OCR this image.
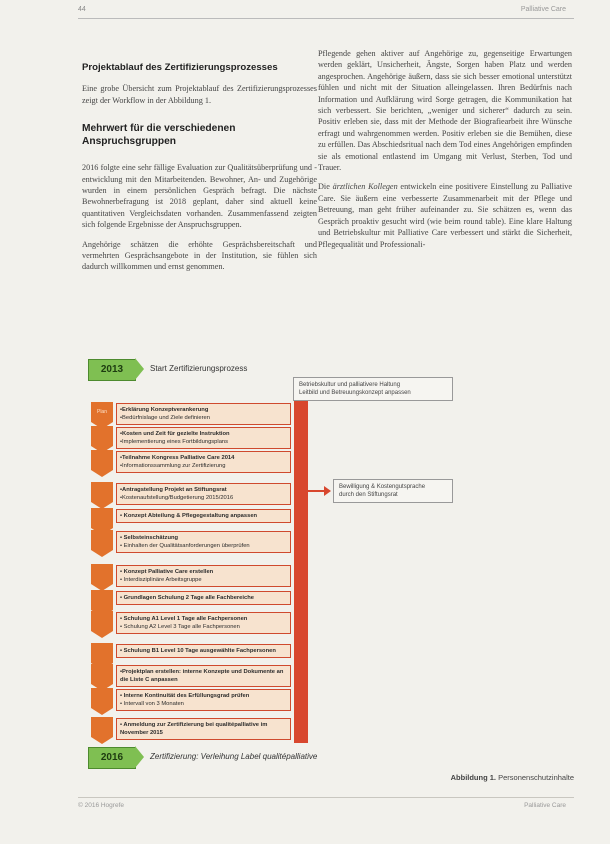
44	Palliative Care
Projektablauf des Zertifizierungsprozesses

Eine grobe Übersicht zum Projektablauf des Zertifizierungsprozesses zeigt der Workflow in der Abbildung 1.

Mehrwert für die verschiedenen Anspruchsgruppen

2016 folgte eine sehr fällige Evaluation zur Qualitätsüberprüfung und -entwicklung mit den Mitarbeitenden. Bewohner, An- und Zugehörige wurden in einem persönlichen Gespräch befragt. Die nächste Bewohnerbefragung ist 2018 geplant, daher sind aktuell keine quantitativen Vergleichsdaten vorhanden. Zusammenfassend zeigten sich folgende Ergebnisse der Anspruchsgruppen.

Angehörige schätzen die erhöhte Gesprächsbereitschaft und vermehrten Gesprächsangebote in der Institution, sie fühlen sich dadurch willkommen und ernst genommen.

Pflegende gehen aktiver auf Angehörige zu, gegenseitige Erwartungen werden geklärt, Unsicherheit, Ängste, Sorgen haben Platz und werden angesprochen. Angehörige äußern, dass sie sich besser emotional unterstützt fühlen und nicht mit der Situation alleingelassen. Ihren Bedürfnis nach Information und Aufklärung wird Sorge getragen, die Kommunikation hat sich verbessert. Sie berichten, „weniger und sicherer“ dadurch zu sein. Positiv erleben sie, dass mit der Methode der Biografiearbeit ihre Wünsche erfragt und wahrgenommen werden. Positiv erleben sie die Bemühen, diese zu erfüllen. Das Abschiedsritual nach dem Tod eines Angehörigen empfinden sie als emotional entlastend im Umgang mit Verlust, Sterben, Tod und Trauer.

Die ärztlichen Kollegen entwickeln eine positivere Einstellung zu Palliative Care. Sie äußern eine verbesserte Zusammenarbeit mit der Pflege und Betreuung, man geht früher aufeinander zu. Sie schätzen es, wenn das Gespräch proaktiv gesucht wird (wie beim round table). Eine klare Haltung und Betriebskultur mit Palliative Care verbessert und stärkt die Sicherheit, Pflegequalität und Professionali-

2013	Start Zertifizierungsprozess
Betriebskultur und palliativere Haltung
Leitbild und Betreuungskonzept anpassen
Bewilligung & Kostengutsprache
durch den Stiftungsrat
Plan	•Erklärung Konzeptverankerung
•Bedürfnislage und Ziele definieren
•Kosten und Zeit für gezielte Instruktion
•Implementierung eines Fortbildungsplans
•Teilnahme Kongress Palliative Care 2014
•Informationssammlung zur Zertifizierung
•Antragstellung Projekt an Stiftungsrat
•Kostenaufstellung/Budgetierung 2015/2016
• Konzept Abteilung & Pflegegestaltung anpassen
• Selbsteinschätzung
• Einhalten der Qualitätsanforderungen überprüfen
• Konzept Palliative Care erstellen
• Interdisziplinäre Arbeitsgruppe
• Grundlagen Schulung 2 Tage alle Fachbereiche
• Schulung A1 Level 1 Tage alle Fachpersonen
• Schulung A2 Level 3 Tage alle Fachpersonen
• Schulung B1 Level 10 Tage ausgewählte Fachpersonen
•Projektplan erstellen: interne Konzepte und Dokumente an die Liste C anpassen
• Interne Kontinuität des Erfüllungsgrad prüfen
• Intervall von 3 Monaten
• Anmeldung zur Zertifizierung bei qualitépalliative im November 2015
2016	Zertifizierung: Verleihung Label qualitépalliative
Abbildung 1. Personenschutzinhalte
© 2016 Hogrefe	Palliative Care
